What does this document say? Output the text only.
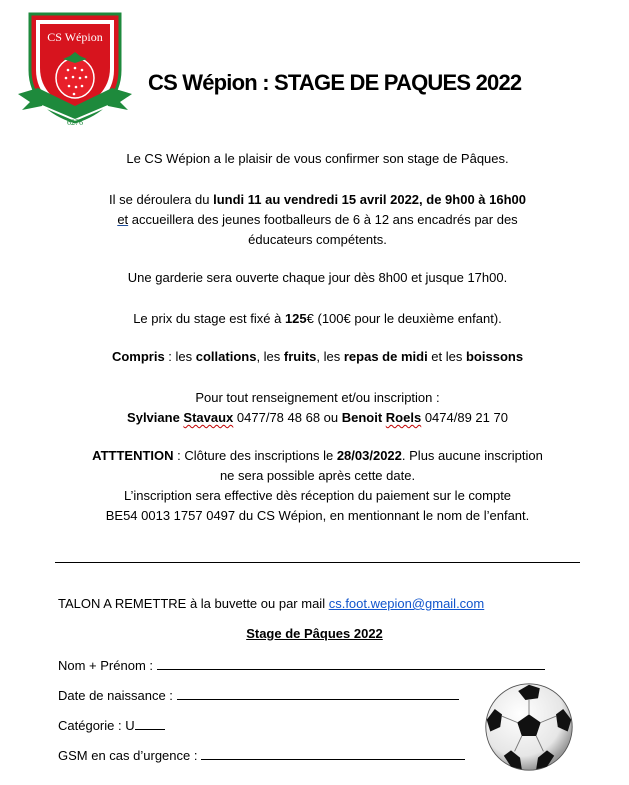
CS Wépion
6276
CS Wépion : STAGE DE PAQUES 2022
Le CS Wépion a le plaisir de vous confirmer son stage de Pâques.
Il se déroulera du lundi 11 au vendredi 15 avril 2022, de 9h00 à 16h00
et accueillera des jeunes footballeurs de 6 à 12 ans encadrés par des
éducateurs compétents.
Une garderie sera ouverte chaque jour dès 8h00 et jusque 17h00.
Le prix du stage est fixé à 125€ (100€ pour le deuxième enfant).
Compris : les collations, les fruits, les repas de midi et les boissons
Pour tout renseignement et/ou inscription :
Sylviane Stavaux 0477/78 48 68 ou Benoit Roels 0474/89 21 70
ATTTENTION : Clôture des inscriptions le 28/03/2022. Plus aucune inscription
ne sera possible après cette date.
L’inscription sera effective dès réception du paiement sur le compte
BE54 0013 1757 0497 du CS Wépion, en mentionnant le nom de l’enfant.
TALON A REMETTRE à la buvette ou par mail cs.foot.wepion@gmail.com
Stage de Pâques 2022
Nom + Prénom :
Date de naissance :
Catégorie : U
GSM en cas d’urgence :
